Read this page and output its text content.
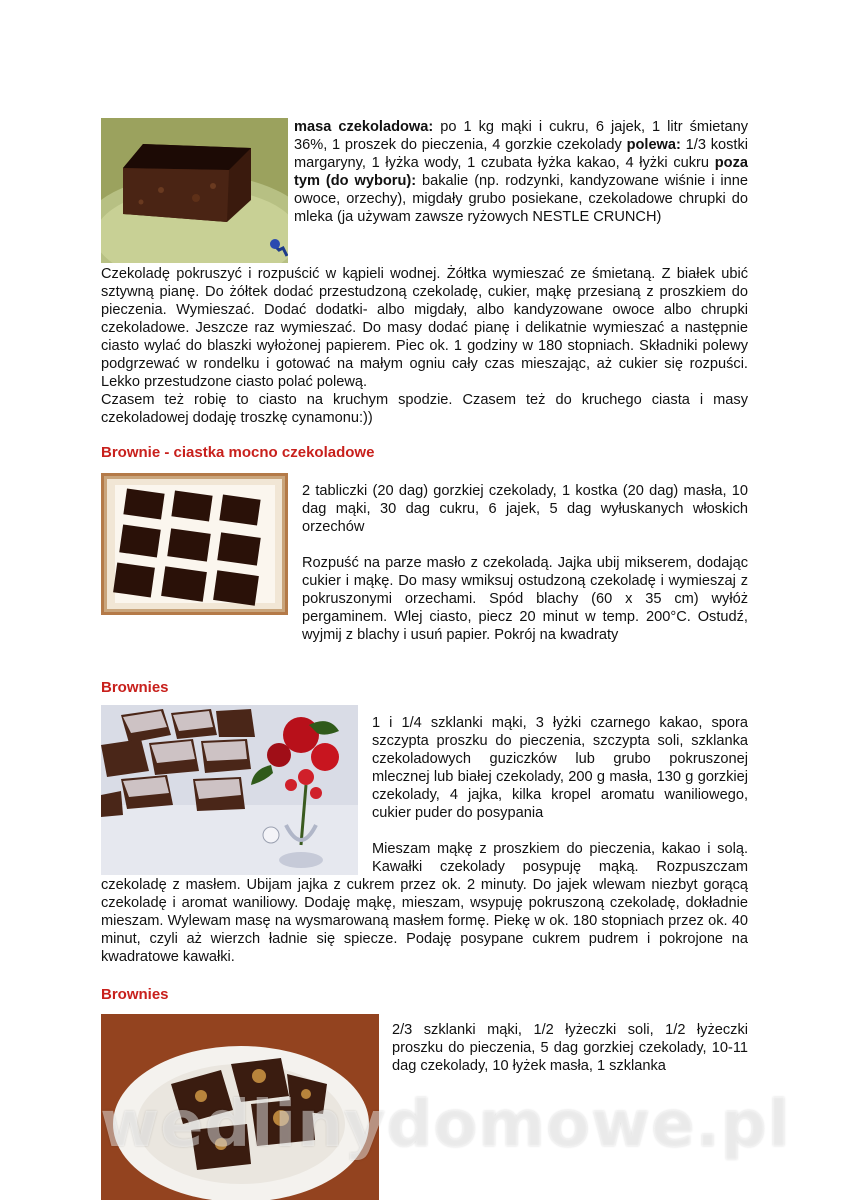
masa czekoladowa: po 1 kg mąki i cukru, 6 jajek, 1 litr śmietany 36%, 1 proszek do pieczenia, 4 gorzkie czekolady polewa: 1/3 kostki margaryny, 1 łyżka wody, 1 czubata łyżka kakao, 4 łyżki cukru poza tym (do wyboru): bakalie (np. rodzynki, kandyzowane wiśnie i inne owoce, orzechy), migdały grubo posiekane, czekoladowe chrupki do mleka (ja używam zawsze ryżowych NESTLE CRUNCH)

Czekoladę pokruszyć i rozpuścić w kąpieli wodnej. Żółtka wymieszać ze śmietaną. Z białek ubić sztywną pianę. Do żółtek dodać przestudzoną czekoladę, cukier, mąkę przesianą z proszkiem do pieczenia. Wymieszać. Dodać dodatki- albo migdały, albo kandyzowane owoce albo chrupki czekoladowe. Jeszcze raz wymieszać. Do masy dodać pianę i delikatnie wymieszać a następnie ciasto wylać do blaszki wyłożonej papierem. Piec ok. 1 godziny w 180 stopniach. Składniki polewy podgrzewać w rondelku i gotować na małym ogniu cały czas mieszając, aż cukier się rozpuści. Lekko przestudzone ciasto polać polewą.

Czasem też robię to ciasto na kruchym spodzie. Czasem też do kruchego ciasta i masy czekoladowej dodaję troszkę cynamonu:))

Brownie - ciastka mocno czekoladowe

2 tabliczki (20 dag) gorzkiej czekolady, 1 kostka (20 dag) masła, 10 dag mąki, 30 dag cukru, 6 jajek, 5 dag wyłuskanych włoskich orzechów

Rozpuść na parze masło z czekoladą. Jajka ubij mikserem, dodając cukier i mąkę. Do masy wmiksuj ostudzoną czekoladę i wymieszaj z pokruszonymi orzechami. Spód blachy (60 x 35 cm) wyłóż pergaminem. Wlej ciasto, piecz 20 minut w temp. 200°C. Ostudź, wyjmij z blachy i usuń papier. Pokrój na kwadraty

Brownies

1 i 1/4 szklanki mąki, 3 łyżki czarnego kakao, spora szczypta proszku do pieczenia, szczypta soli, szklanka czekoladowych guziczków lub grubo pokruszonej mlecznej lub białej czekolady, 200 g masła, 130 g gorzkiej czekolady, 4 jajka, kilka kropel aromatu waniliowego, cukier puder do posypania

Mieszam mąkę z proszkiem do pieczenia, kakao i solą. Kawałki czekolady posypuję mąką. Rozpuszczam czekoladę z masłem. Ubijam jajka z cukrem przez ok. 2 minuty. Do jajek wlewam niezbyt gorącą czekoladę i aromat waniliowy. Dodaję mąkę, mieszam, wsypuję pokruszoną czekoladę, dokładnie mieszam. Wylewam masę na wysmarowaną masłem formę. Piekę w ok. 180 stopniach przez ok. 40 minut, czyli aż wierzch ładnie się spiecze. Podaję posypane cukrem pudrem i pokrojone na kwadratowe kawałki.

Brownies

2/3 szklanki mąki, 1/2 łyżeczki soli, 1/2 łyżeczki proszku do pieczenia, 5 dag gorzkiej czekolady, 10-11 dag czekolady, 10 łyżek masła, 1 szklanka

wedlinydomowe.pl
